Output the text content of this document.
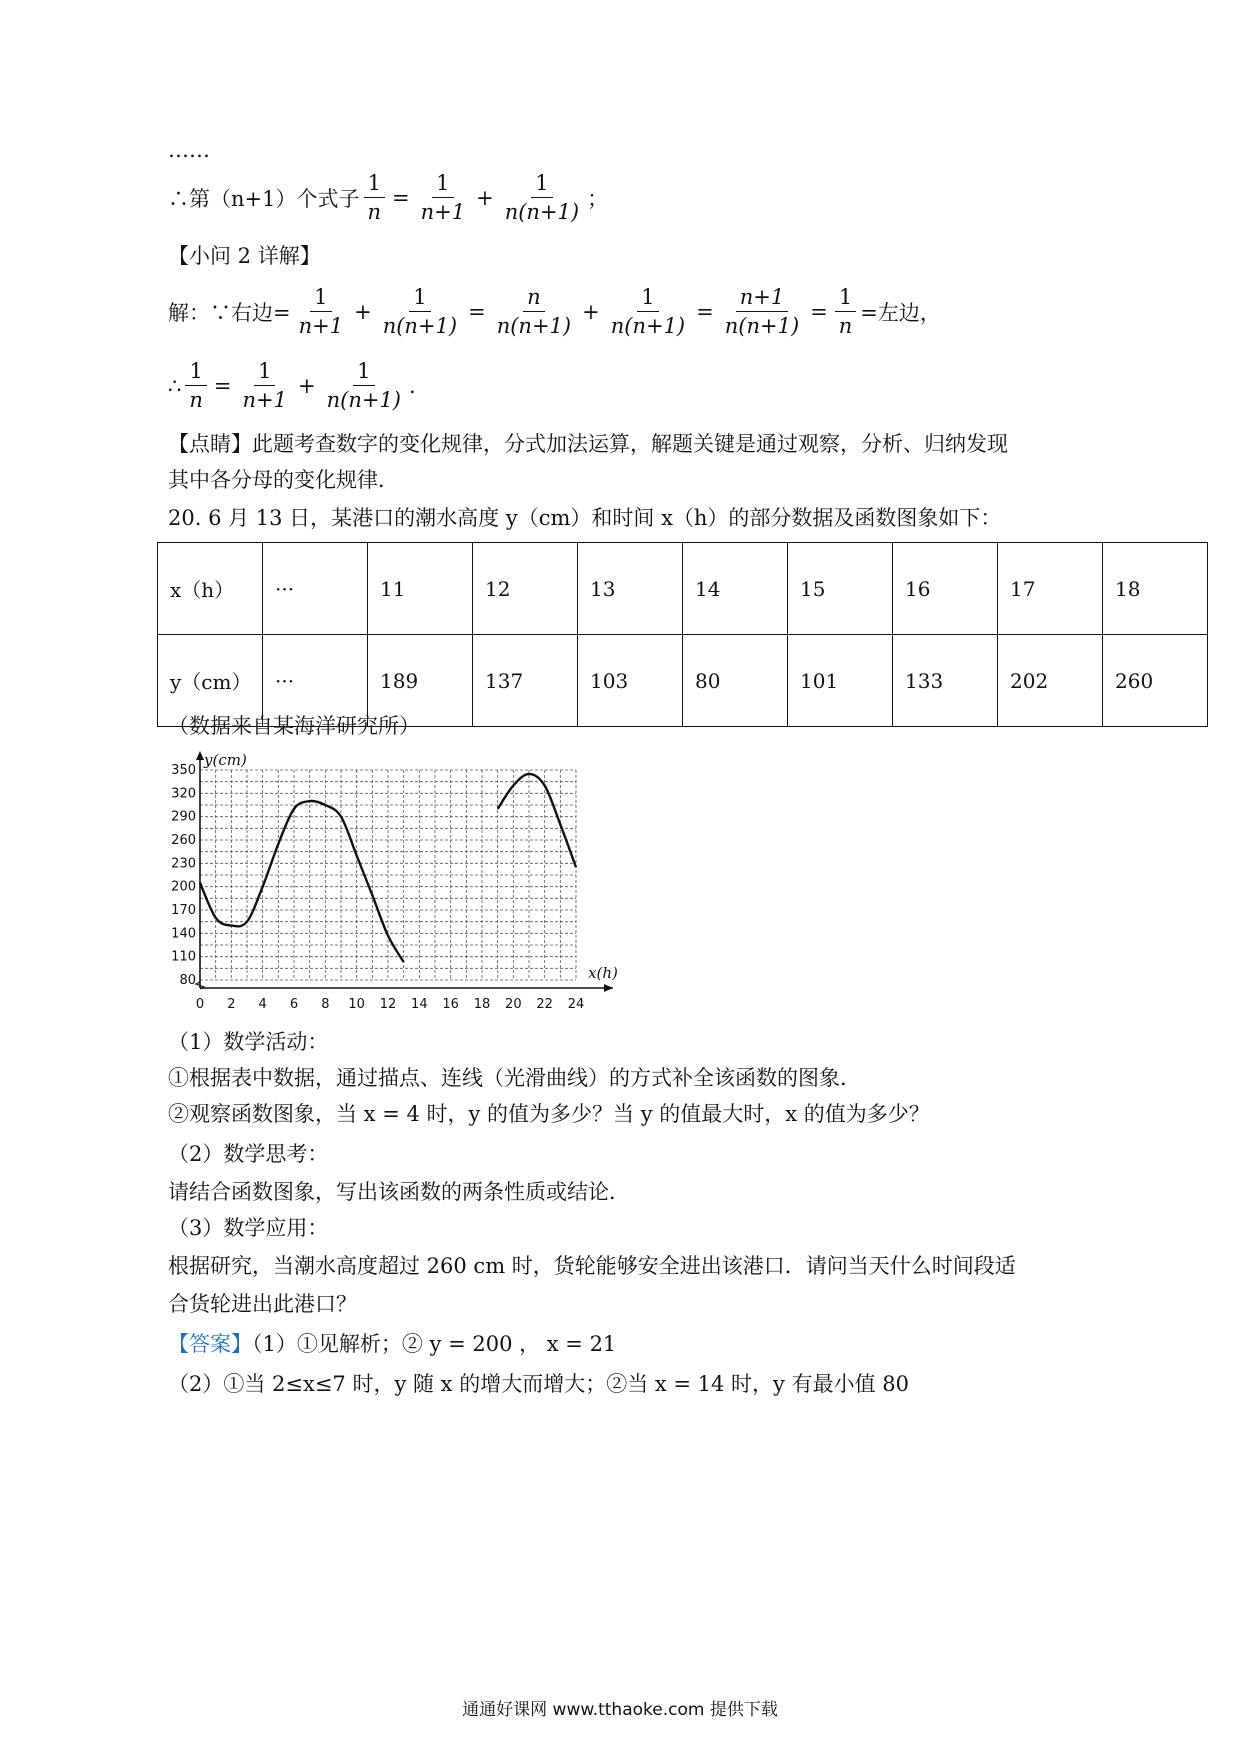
……
∴第（n+1）个式子 $\frac{1}{n} = \frac{1}{n+1} + \frac{1}{n(n+1)}$ ；
【小问 2 详解】
解：∵右边= $\frac{1}{n+1} + \frac{1}{n(n+1)} = \frac{n}{n(n+1)} + \frac{1}{n(n+1)} = \frac{n+1}{n(n+1)} = \frac{1}{n}$ =左边，
∴ $\frac{1}{n} = \frac{1}{n+1} + \frac{1}{n(n+1)}$ .
【点睛】此题考查数字的变化规律，分式加法运算，解题关键是通过观察，分析、归纳发现
其中各分母的变化规律．
20. 6 月 13 日，某港口的潮水高度 y（cm）和时间 x（h）的部分数据及函数图象如下：
x（h）	···	11	12	13	14	15	16	17	18
y（cm）	···	189	137	103	80	101	133	202	260
（数据来自某海洋研究所）
0 2 4 6 8 10 12 14 16 18 20 22 24
80
110
140
170
200
230
260
290
320
350
x(h)
y(cm)
（1）数学活动：
①根据表中数据，通过描点、连线（光滑曲线）的方式补全该函数的图象．
②观察函数图象，当 x = 4 时，y 的值为多少？当 y 的值最大时，x 的值为多少？
（2）数学思考：
请结合函数图象，写出该函数的两条性质或结论．
（3）数学应用：
根据研究，当潮水高度超过 260 cm 时，货轮能够安全进出该港口．请问当天什么时间段适
合货轮进出此港口？
【答案】（1）①见解析；② y = 200 ， x = 21
（2）①当 2≤x≤7 时，y 随 x 的增大而增大；②当 x = 14 时，y 有最小值 80
通通好课网 www.tthaoke.com 提供下载
